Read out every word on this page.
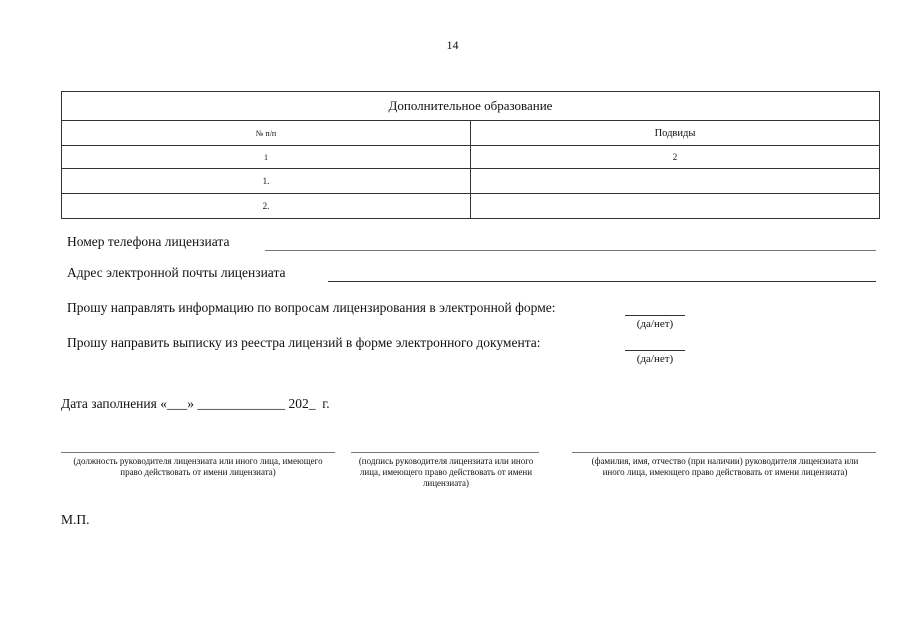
14
Дополнительное образование	
№ п/п	Подвиды
1	2
1.	
2.	
Номер телефона лицензиата
Адрес электронной почты лицензиата
Прошу направлять информацию по вопросам лицензирования в электронной форме:
(да/нет)
Прошу направить выписку из реестра лицензий в форме электронного документа:
(да/нет)
Дата заполнения «___» _____________ 202_  г.
(должность руководителя лицензиата или иного лица, имеющего право действовать от имени лицензиата)
(подпись руководителя лицензиата или иного лица, имеющего право действовать от имени лицензиата)
(фамилия, имя, отчество (при наличии) руководителя лицензиата или иного лица, имеющего право действовать от имени лицензиата)
М.П.
